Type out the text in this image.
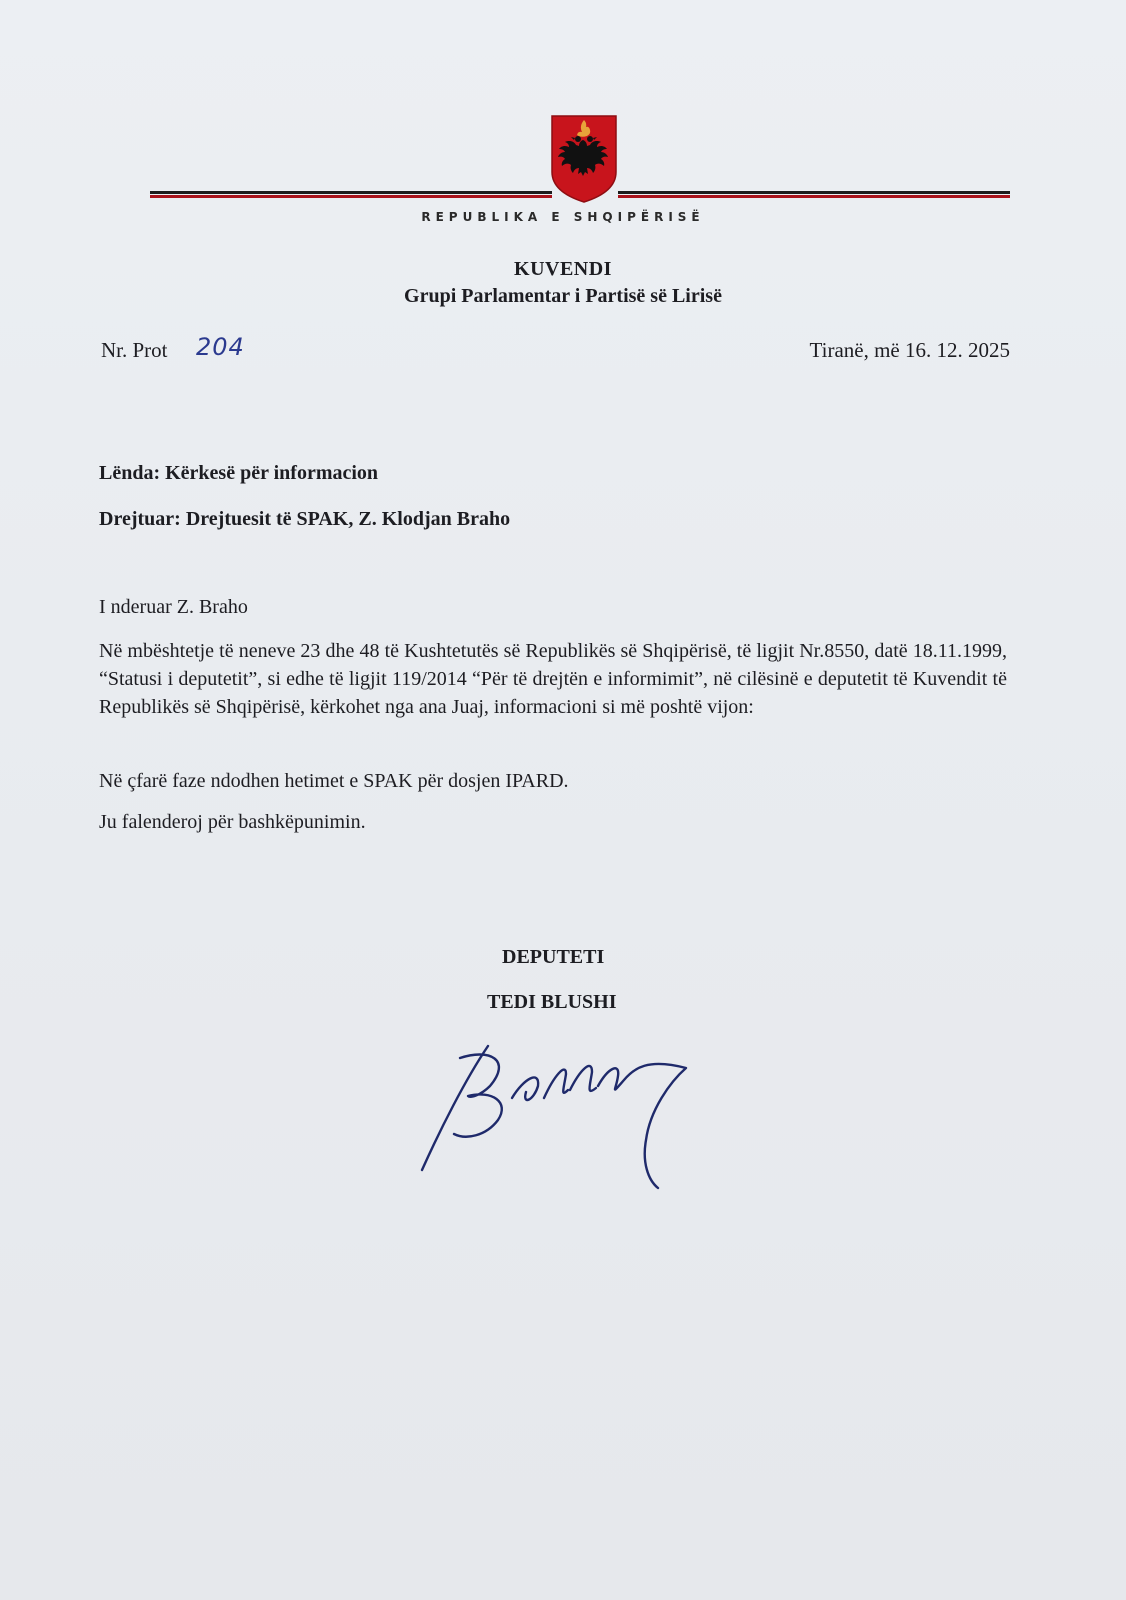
REPUBLIKA E SHQIPËRISË
KUVENDI
Grupi Parlamentar i Partisë së Lirisë
Nr. Prot 204	Tiranë, më 16. 12. 2025
Lënda: Kërkesë për informacion
Drejtuar: Drejtuesit të SPAK, Z. Klodjan Braho
I nderuar Z. Braho
Në mbështetje të neneve 23 dhe 48 të Kushtetutës së Republikës së Shqipërisë, të ligjit Nr.8550, datë 18.11.1999, “Statusi i deputetit”, si edhe të ligjit 119/2014 “Për të drejtën e informimit”, në cilësinë e deputetit të Kuvendit të Republikës së Shqipërisë, kërkohet nga ana Juaj, informacioni si më poshtë vijon:
Në çfarë faze ndodhen hetimet e SPAK për dosjen IPARD.
Ju falenderoj për bashkëpunimin.
DEPUTETI
TEDI BLUSHI
